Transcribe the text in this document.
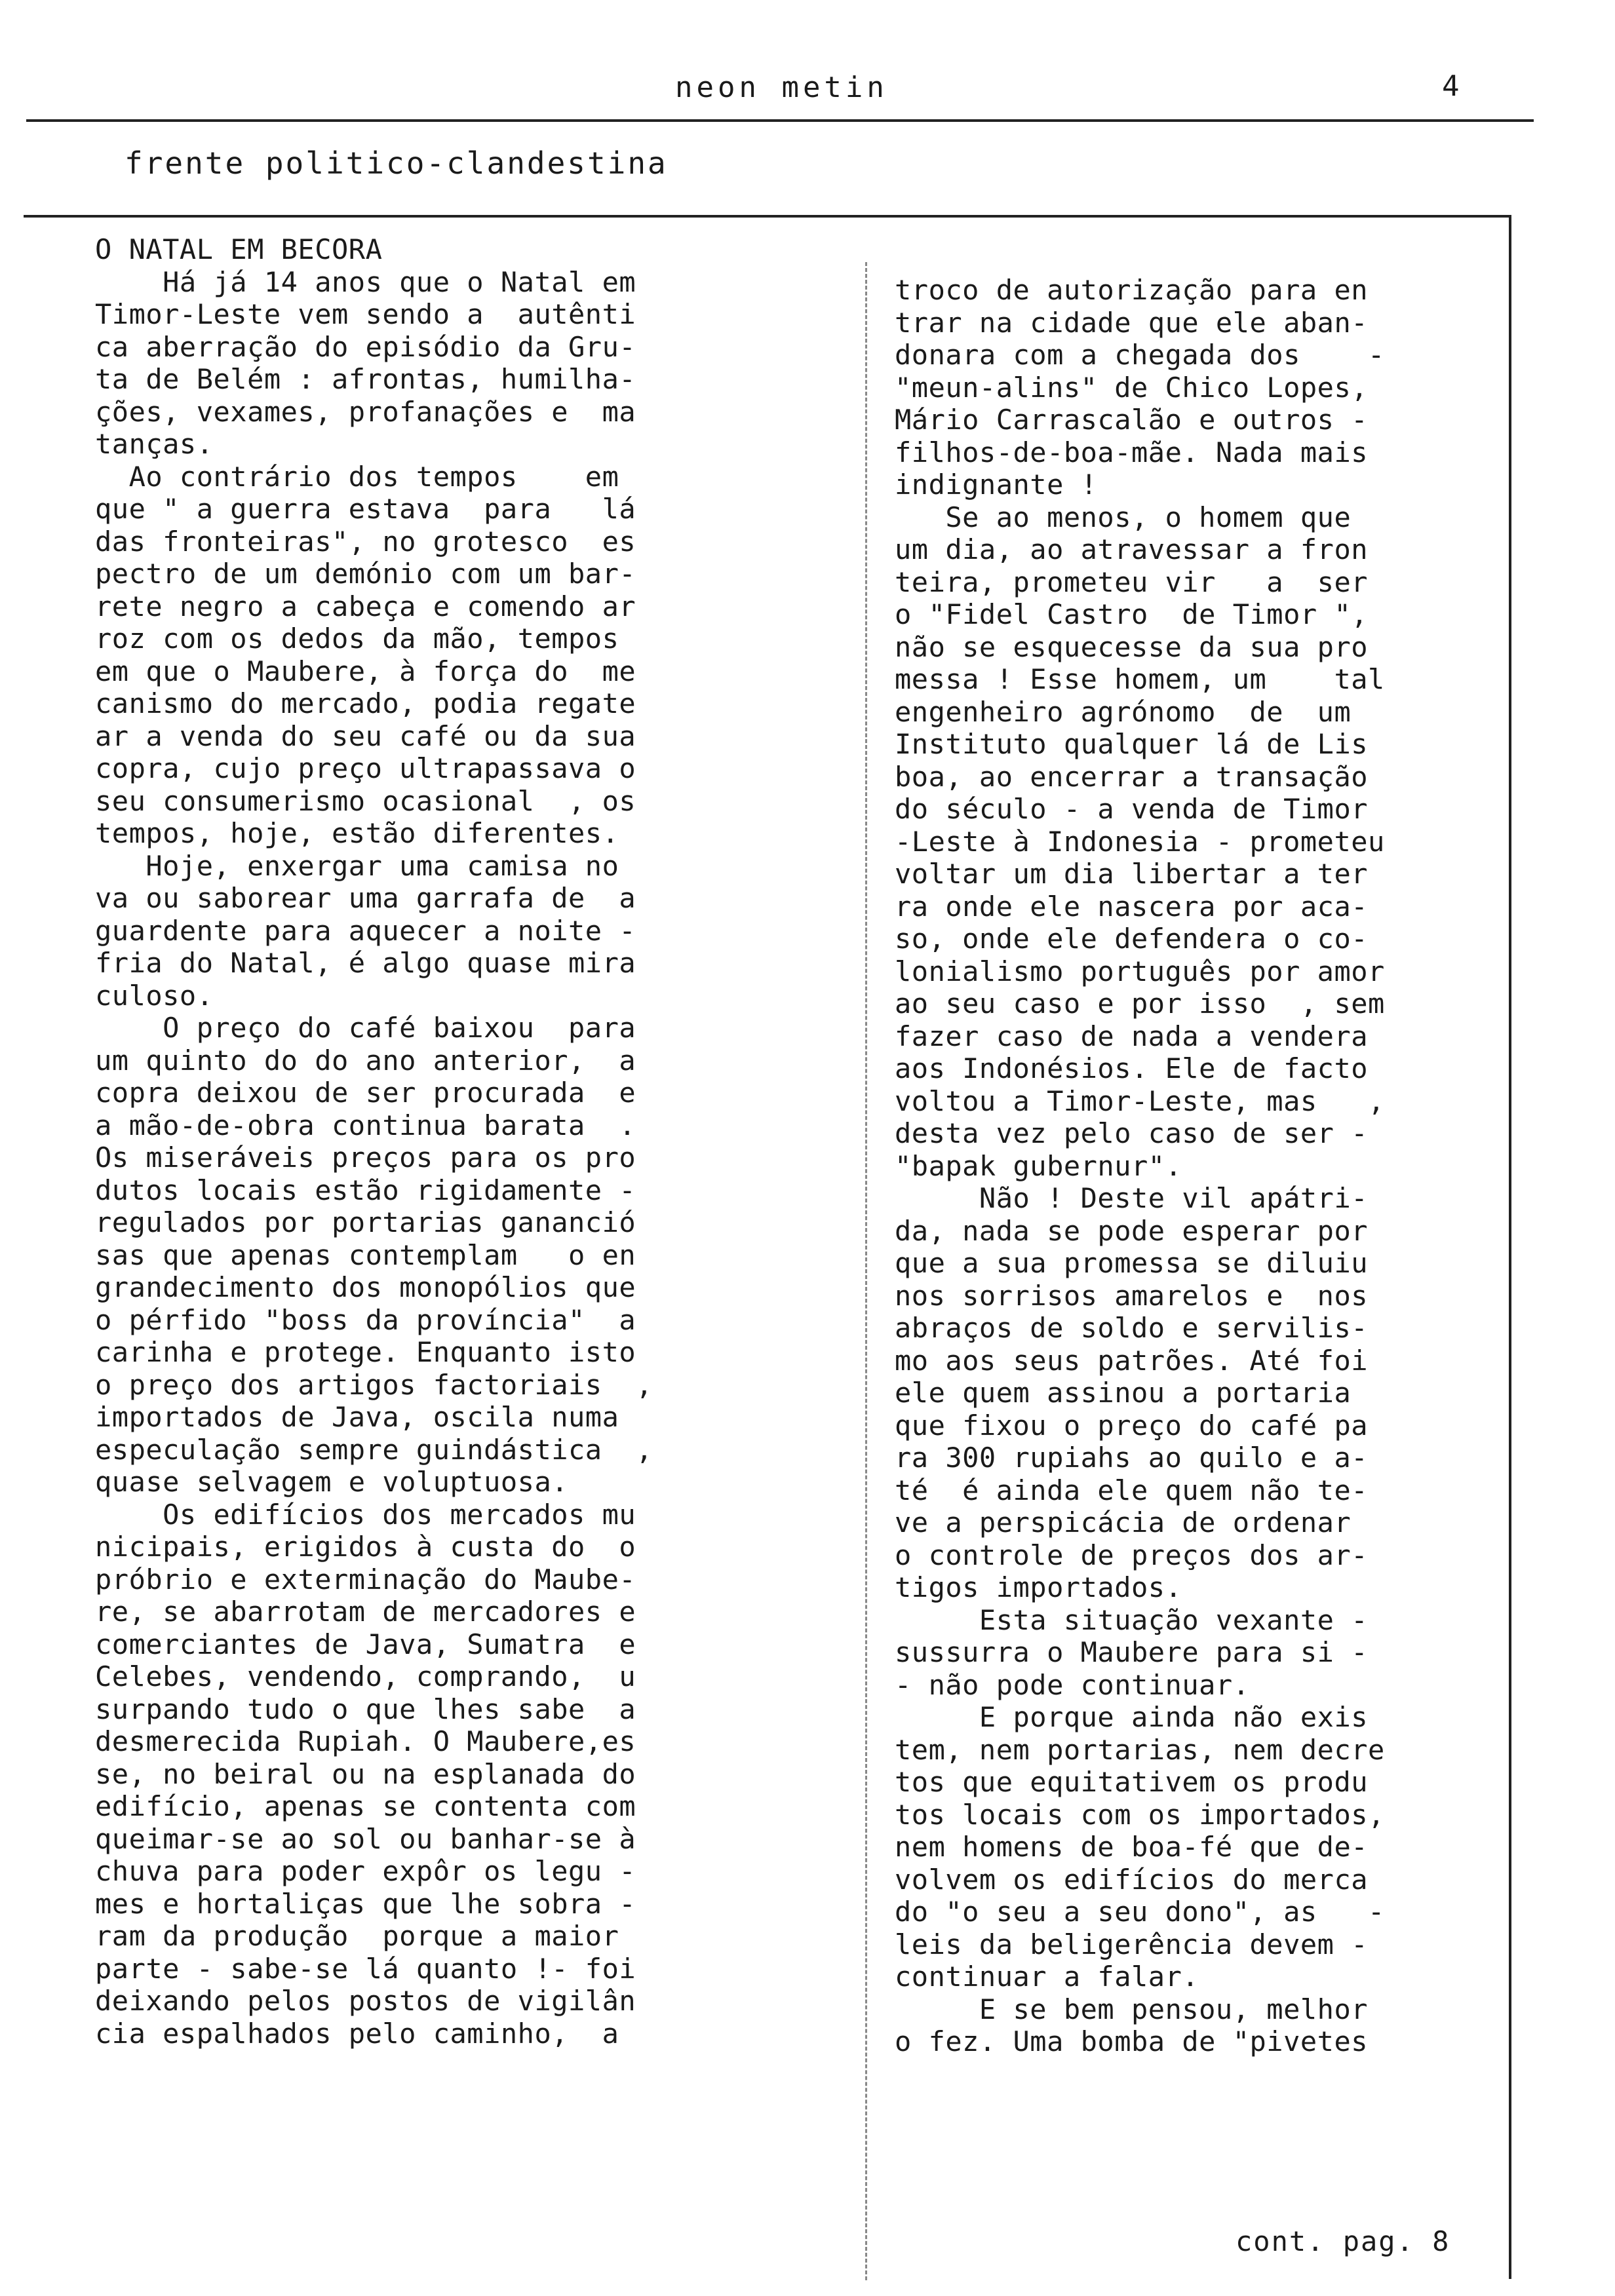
neon metin	4
frente politico-clandestina

O NATAL EM BECORA

Há já 14 anos que o Natal em

Timor-Leste vem sendo a  autênti

ca aberração do episódio da Gru-

ta de Belém : afrontas, humilha-

ções, vexames, profanações e  ma

tanças.

Ao contrário dos tempos    em

que " a guerra estava  para   lá

das fronteiras", no grotesco  es

pectro de um demónio com um bar-

rete negro a cabeça e comendo ar

roz com os dedos da mão, tempos

em que o Maubere, à força do  me

canismo do mercado, podia regate

ar a venda do seu café ou da sua

copra, cujo preço ultrapassava o

seu consumerismo ocasional  , os

tempos, hoje, estão diferentes.

Hoje, enxergar uma camisa no

va ou saborear uma garrafa de  a

guardente para aquecer a noite -

fria do Natal, é algo quase mira

culoso.

O preço do café baixou  para

um quinto do do ano anterior,  a

copra deixou de ser procurada  e

a mão-de-obra continua barata  .

Os miseráveis preços para os pro

dutos locais estão rigidamente -

regulados por portarias gananció

sas que apenas contemplam   o en

grandecimento dos monopólios que

o pérfido "boss da província"  a

carinha e protege. Enquanto isto

o preço dos artigos factoriais  ,

importados de Java, oscila numa

especulação sempre guindástica  ,

quase selvagem e voluptuosa.

Os edifícios dos mercados mu

nicipais, erigidos à custa do  o

próbrio e exterminação do Maube-

re, se abarrotam de mercadores e

comerciantes de Java, Sumatra  e

Celebes, vendendo, comprando,  u

surpando tudo o que lhes sabe  a

desmerecida Rupiah. O Maubere,es

se, no beiral ou na esplanada do

edifício, apenas se contenta com

queimar-se ao sol ou banhar-se à

chuva para poder expôr os legu -

mes e hortaliças que lhe sobra -

ram da produção  porque a maior

parte - sabe-se lá quanto !- foi

deixando pelos postos de vigilân

cia espalhados pelo caminho,  a

troco de autorização para en

trar na cidade que ele aban-

donara com a chegada dos    -

"meun-alins" de Chico Lopes,

Mário Carrascalão e outros -

filhos-de-boa-mãe. Nada mais

indignante !

Se ao menos, o homem que

um dia, ao atravessar a fron

teira, prometeu vir   a  ser

o "Fidel Castro  de Timor ",

não se esquecesse da sua pro

messa ! Esse homem, um    tal

engenheiro agrónomo  de  um

Instituto qualquer lá de Lis

boa, ao encerrar a transação

do século - a venda de Timor

-Leste à Indonesia - prometeu

voltar um dia libertar a ter

ra onde ele nascera por aca-

so, onde ele defendera o co-

lonialismo português por amor

ao seu caso e por isso  , sem

fazer caso de nada a vendera

aos Indonésios. Ele de facto

voltou a Timor-Leste, mas   ,

desta vez pelo caso de ser -

"bapak gubernur".

Não ! Deste vil apátri-

da, nada se pode esperar por

que a sua promessa se diluiu

nos sorrisos amarelos e  nos

abraços de soldo e servilis-

mo aos seus patrões. Até foi

ele quem assinou a portaria

que fixou o preço do café pa

ra 300 rupiahs ao quilo e a-

té  é ainda ele quem não te-

ve a perspicácia de ordenar

o controle de preços dos ar-

tigos importados.

Esta situação vexante -

sussurra o Maubere para si -

- não pode continuar.

E porque ainda não exis

tem, nem portarias, nem decre

tos que equitativem os produ

tos locais com os importados,

nem homens de boa-fé que de-

volvem os edifícios do merca

do "o seu a seu dono", as   -

leis da beligerência devem -

continuar a falar.

E se bem pensou, melhor

o fez. Uma bomba de "pivetes

cont. pag. 8
